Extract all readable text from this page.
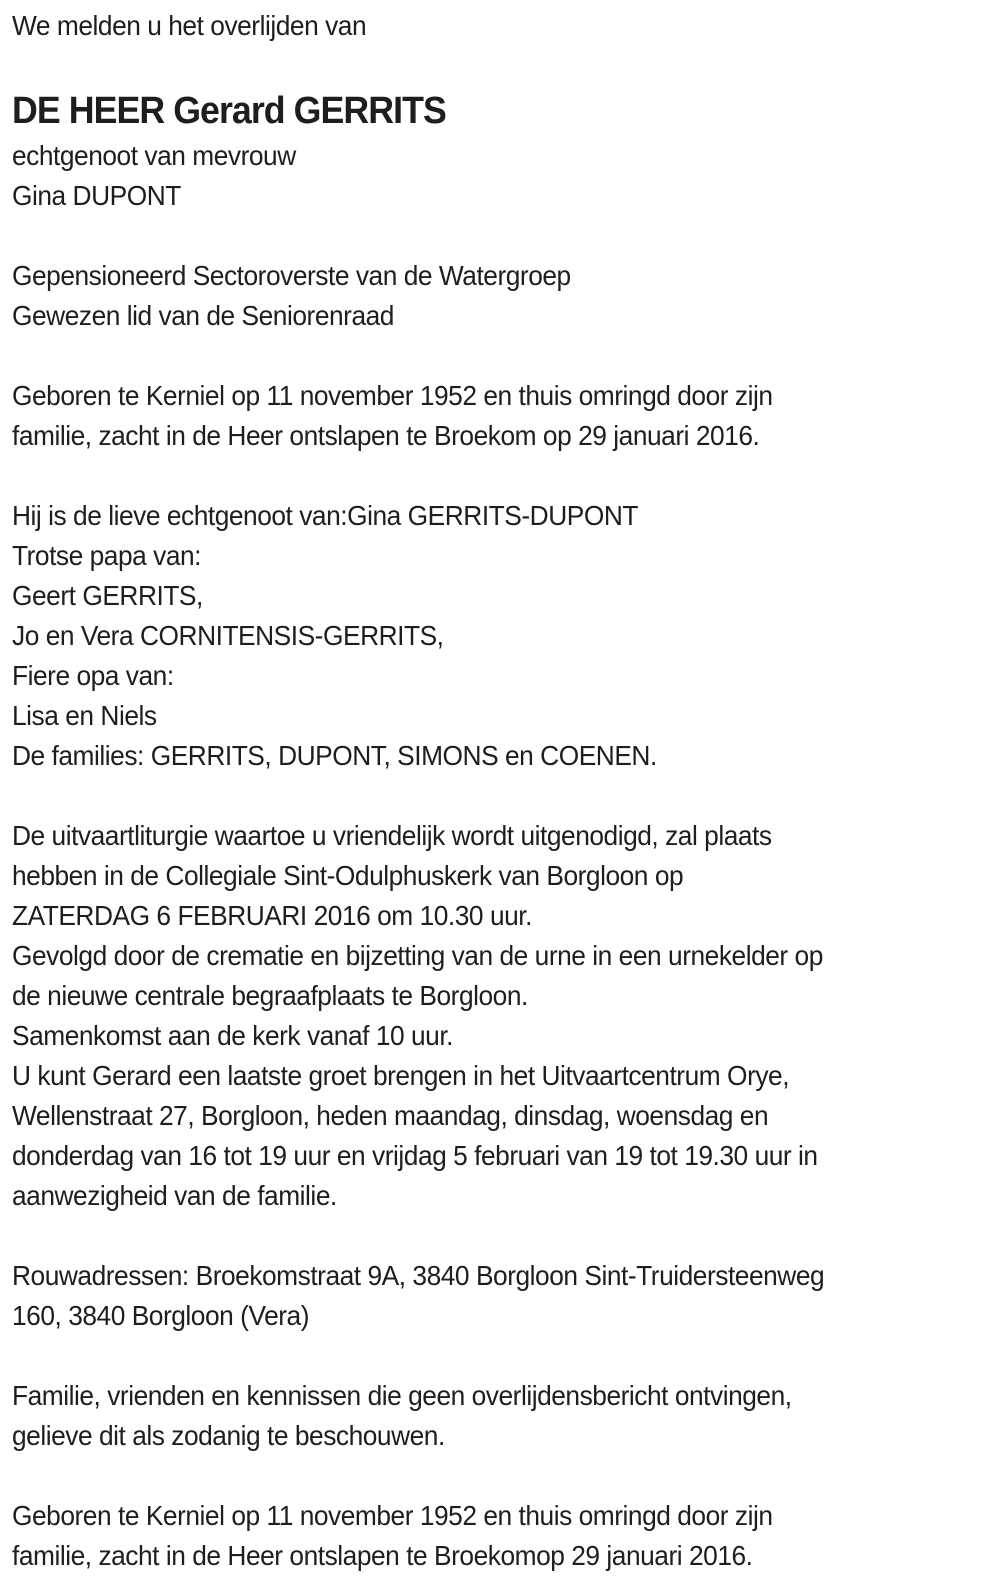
We melden u het overlijden van
DE HEER Gerard GERRITS
echtgenoot van mevrouw
Gina DUPONT
Gepensioneerd Sectoroverste van de Watergroep
Gewezen lid van de Seniorenraad
Geboren te Kerniel op 11 november 1952 en thuis omringd door zijn
familie, zacht in de Heer ontslapen te Broekom op 29 januari 2016.
Hij is de lieve echtgenoot van:Gina GERRITS-DUPONT
Trotse papa van:
Geert GERRITS,
Jo en Vera CORNITENSIS-GERRITS,
Fiere opa van:
Lisa en Niels
De families: GERRITS, DUPONT, SIMONS en COENEN.
De uitvaartliturgie waartoe u vriendelijk wordt uitgenodigd, zal plaats
hebben in de Collegiale Sint-Odulphuskerk van Borgloon op
ZATERDAG 6 FEBRUARI 2016 om 10.30 uur.
Gevolgd door de crematie en bijzetting van de urne in een urnekelder op
de nieuwe centrale begraafplaats te Borgloon.
Samenkomst aan de kerk vanaf 10 uur.
U kunt Gerard een laatste groet brengen in het Uitvaartcentrum Orye,
Wellenstraat 27, Borgloon, heden maandag, dinsdag, woensdag en
donderdag van 16 tot 19 uur en vrijdag 5 februari van 19 tot 19.30 uur in
aanwezigheid van de familie.
Rouwadressen: Broekomstraat 9A, 3840 Borgloon Sint-Truidersteenweg
160, 3840 Borgloon (Vera)
Familie, vrienden en kennissen die geen overlijdensbericht ontvingen,
gelieve dit als zodanig te beschouwen.
Geboren te Kerniel op 11 november 1952 en thuis omringd door zijn
familie, zacht in de Heer ontslapen te Broekomop 29 januari 2016.
